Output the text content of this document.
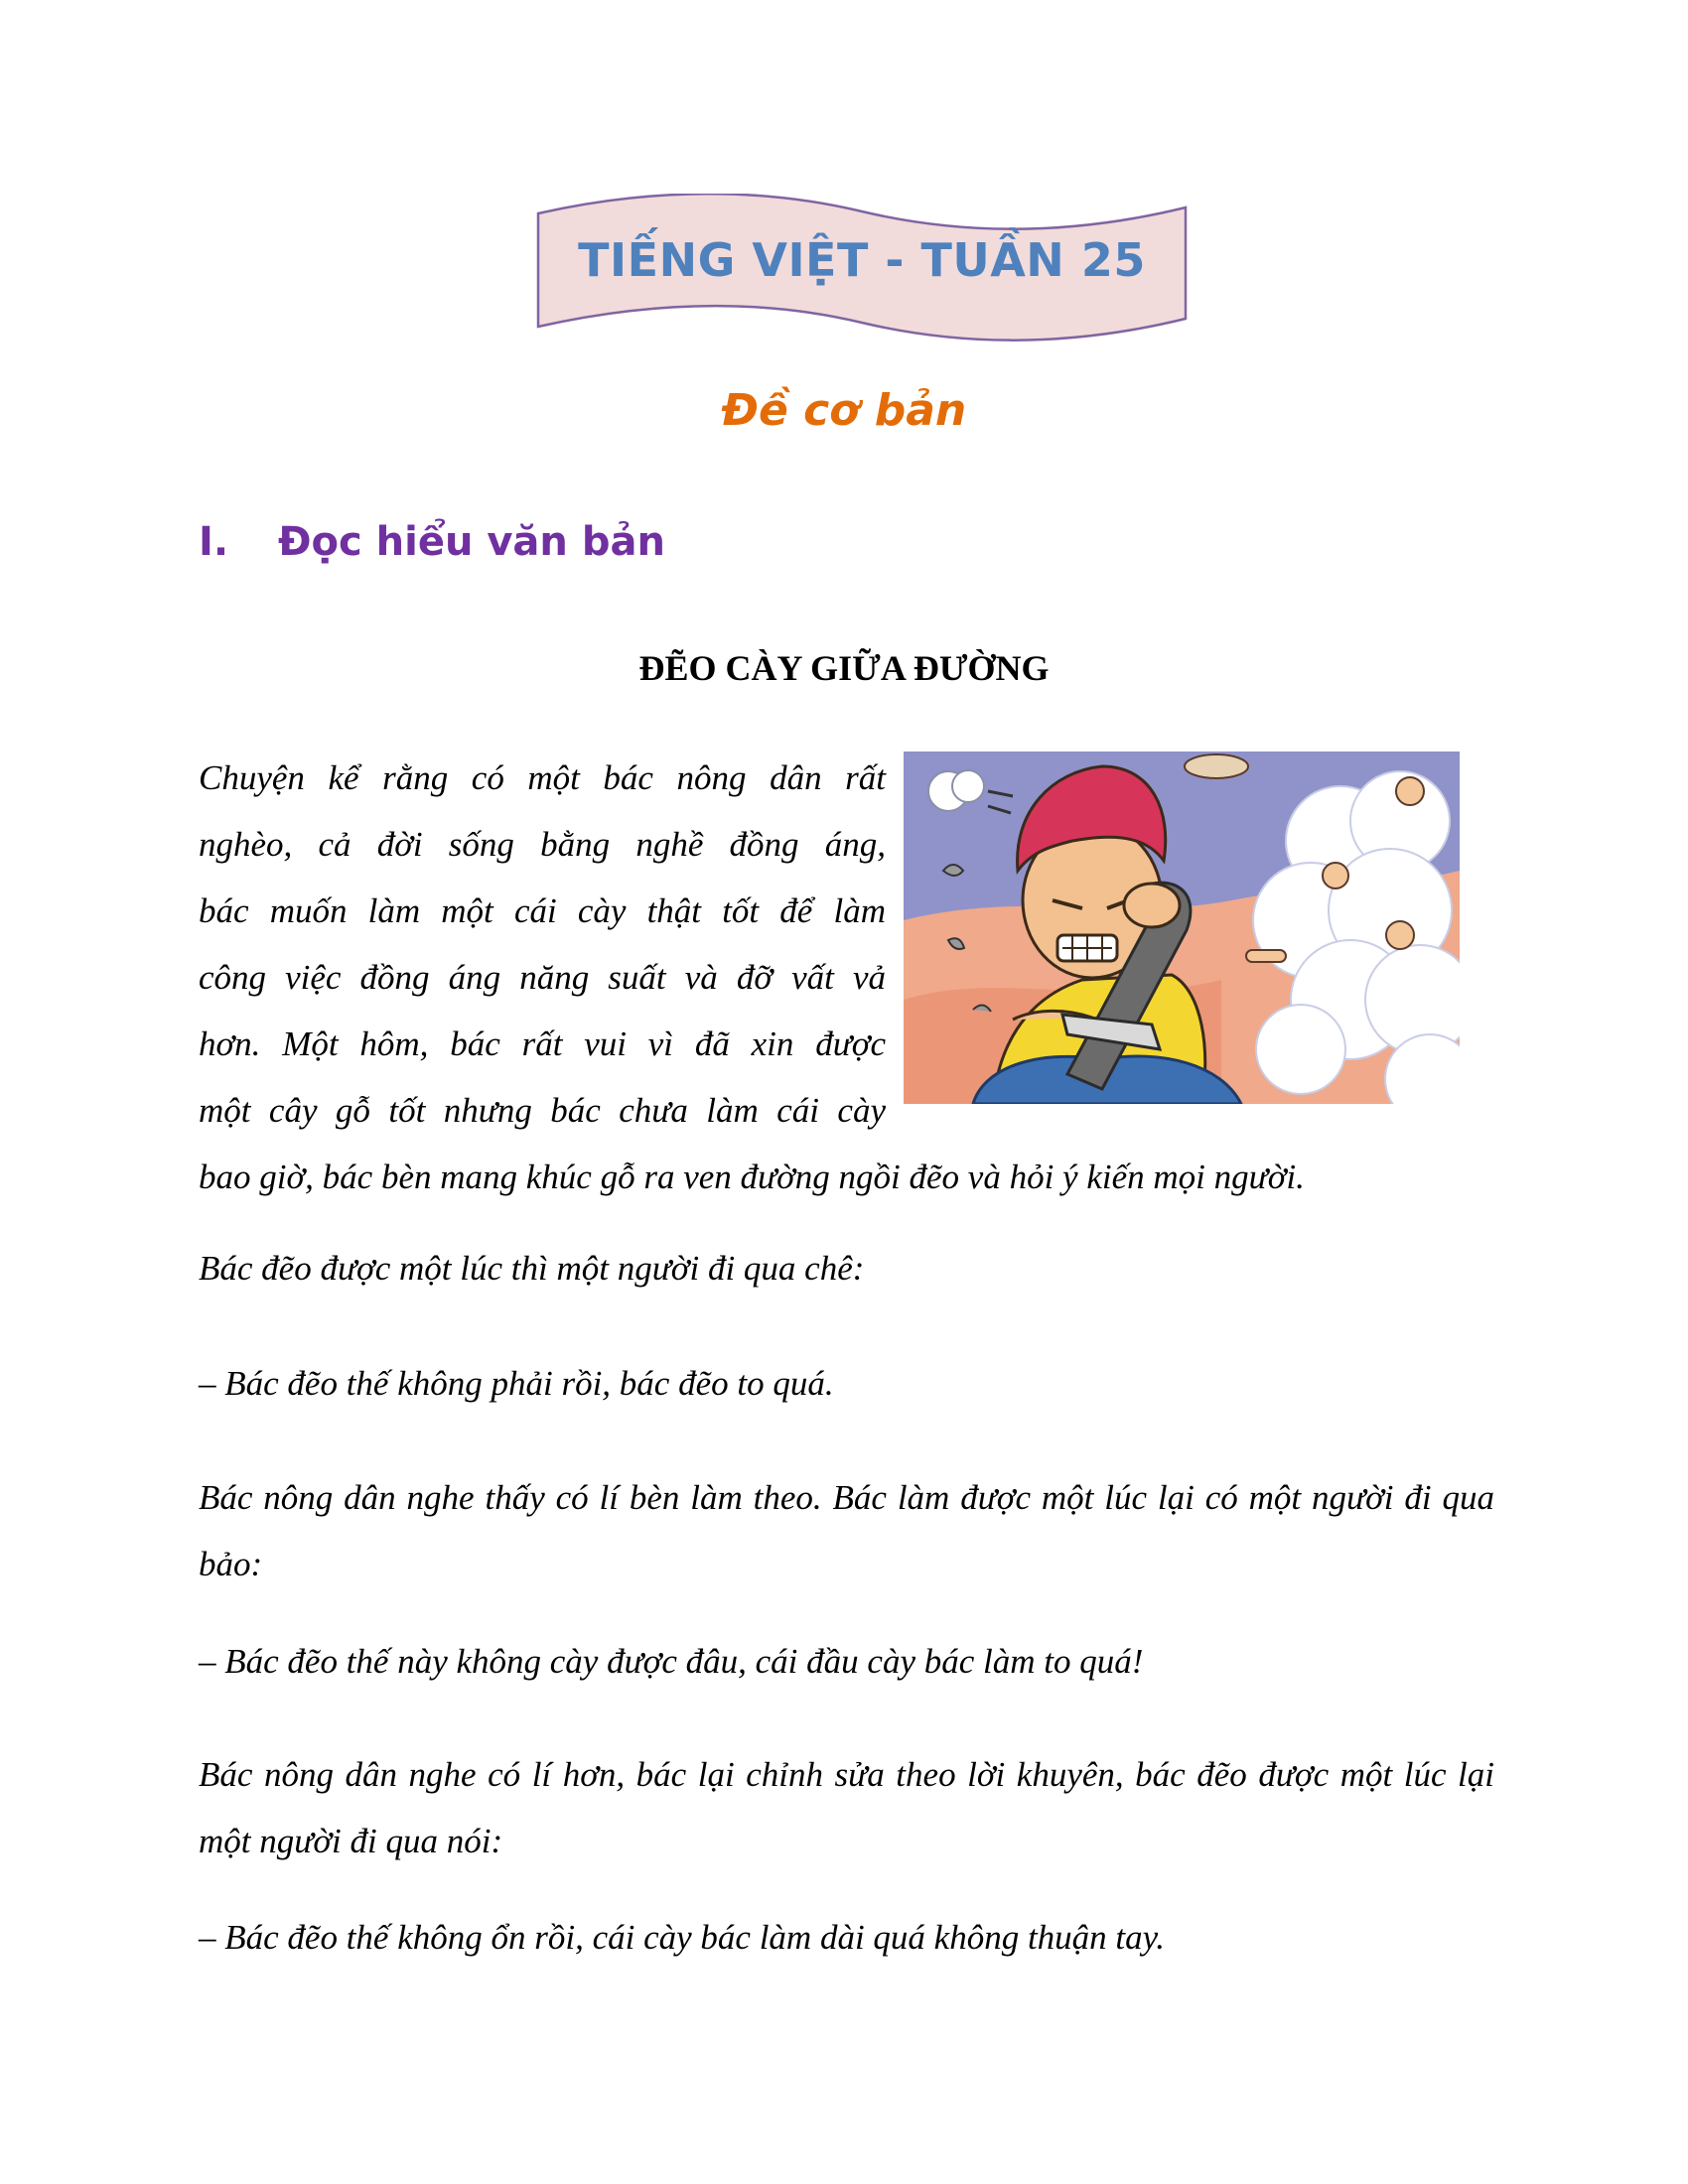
TIẾNG VIỆT - TUẦN 25
Đề cơ bản
I. Đọc hiểu văn bản
ĐẼO CÀY GIỮA ĐƯỜNG
Chuyện kể rằng có một bác nông dân rất
nghèo, cả đời sống bằng nghề đồng áng,
bác muốn làm một cái cày thật tốt để làm
công việc đồng áng năng suất và đỡ vất vả
hơn. Một hôm, bác rất vui vì đã xin được
một cây gỗ tốt nhưng bác chưa làm cái cày
bao giờ, bác bèn mang khúc gỗ ra ven đường ngồi đẽo và hỏi ý kiến mọi người.
Bác đẽo được một lúc thì một người đi qua chê:
– Bác đẽo thế không phải rồi, bác đẽo to quá.
Bác nông dân nghe thấy có lí bèn làm theo. Bác làm được một lúc lại có một người đi qua bảo:
– Bác đẽo thế này không cày được đâu, cái đầu cày bác làm to quá!
Bác nông dân nghe có lí hơn, bác lại chỉnh sửa theo lời khuyên, bác đẽo được một lúc lại một người đi qua nói:
– Bác đẽo thế không ổn rồi, cái cày bác làm dài quá không thuận tay.
